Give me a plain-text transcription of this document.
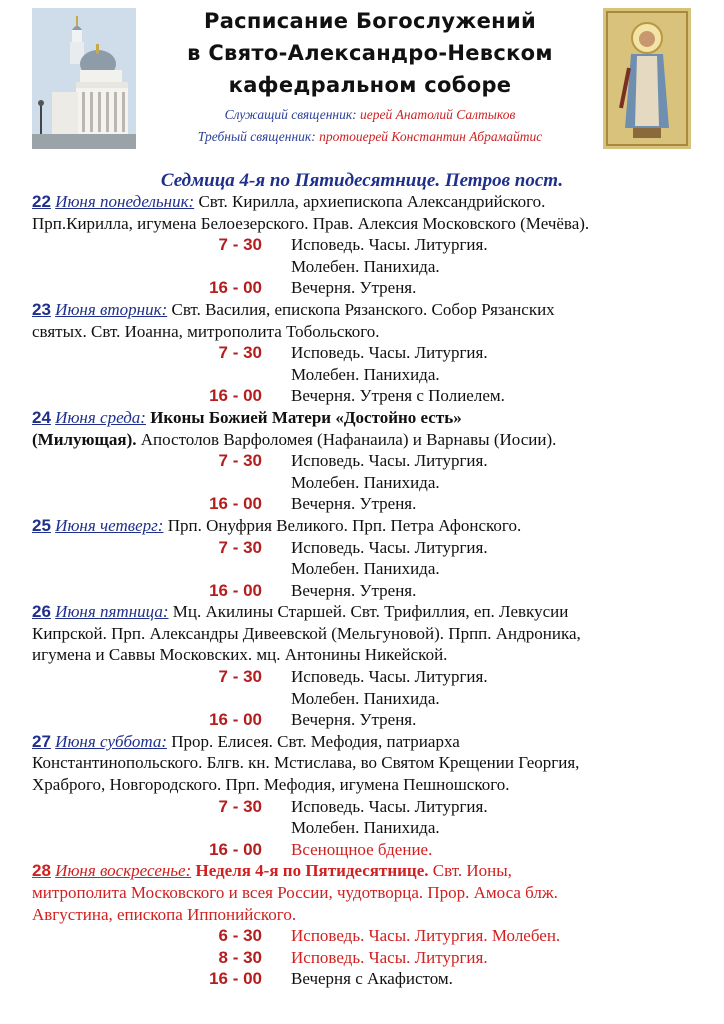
Расписание Богослужений
в Свято-Александро-Невском
кафедральном соборе
Служащий священник: иерей Анатолий Салтыков
Требный священник: протоиерей Константин Абрамайтис
Седмица 4-я по Пятидесятнице. Петров пост.
22 Июня понедельник: Свт. Кирилла, архиепископа Александрийского.
Прп.Кирилла, игумена Белоезерского. Прав. Алексия Московского (Мечёва).
7 - 30 Исповедь. Часы. Литургия.
Молебен. Панихида.
16 - 00 Вечерня. Утреня.
23 Июня вторник: Свт. Василия, епископа Рязанского. Собор Рязанских
святых. Свт. Иоанна, митрополита Тобольского.
7 - 30 Исповедь. Часы. Литургия.
Молебен. Панихида.
16 - 00 Вечерня. Утреня с Полиелем.
24 Июня среда: Иконы Божией Матери «Достойно есть»
(Милующая). Апостолов Варфоломея (Нафанаила) и Варнавы (Иосии).
7 - 30 Исповедь. Часы. Литургия.
Молебен. Панихида.
16 - 00 Вечерня. Утреня.
25 Июня четверг: Прп. Онуфрия Великого. Прп. Петра Афонского.
7 - 30 Исповедь. Часы. Литургия.
Молебен. Панихида.
16 - 00 Вечерня. Утреня.
26 Июня пятница: Мц. Акилины Старшей. Свт. Трифиллия, еп. Левкусии
Кипрской. Прп. Александры Дивеевской (Мельгуновой). Прпп. Андроника,
игумена и Саввы Московских. мц. Антонины Никейской.
7 - 30 Исповедь. Часы. Литургия.
Молебен. Панихида.
16 - 00 Вечерня. Утреня.
27 Июня суббота: Прор. Елисея. Свт. Мефодия, патриарха
Константинопольского. Блгв. кн. Мстислава, во Святом Крещении Георгия,
Храброго, Новгородского. Прп. Мефодия, игумена Пешношского.
7 - 30 Исповедь. Часы. Литургия.
Молебен. Панихида.
16 - 00 Всенощное бдение.
28 Июня воскресенье: Неделя 4-я по Пятидесятнице. Свт. Ионы,
митрополита Московского и всея России, чудотворца. Прор. Амоса блж.
Августина, епископа Иппонийского.
6 - 30 Исповедь. Часы. Литургия. Молебен.
8 - 30 Исповедь. Часы. Литургия.
16 - 00 Вечерня с Акафистом.
